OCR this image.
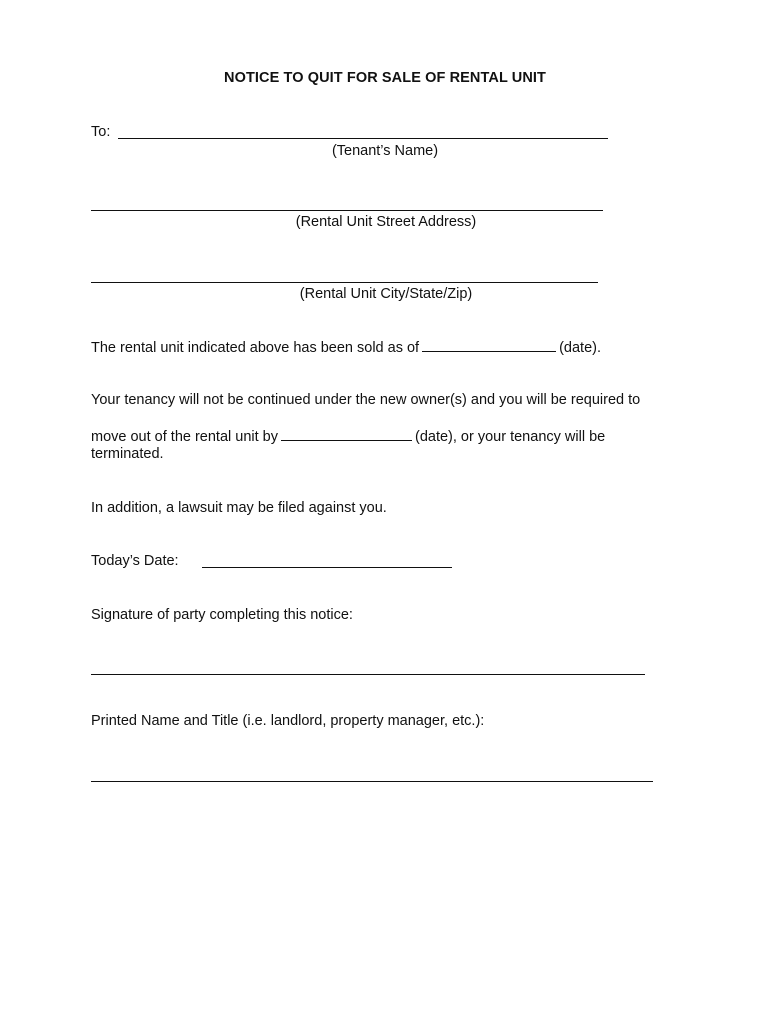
NOTICE TO QUIT FOR SALE OF RENTAL UNIT
To:
(Tenant’s Name)
(Rental Unit Street Address)
(Rental Unit City/State/Zip)
The rental unit indicated above has been sold as of	(date).
Your tenancy will not be continued under the new owner(s) and you will be required to
move out of the rental unit by	(date), or your tenancy will be
terminated.
In addition, a lawsuit may be filed against you.
Today’s Date:
Signature of party completing this notice:
Printed Name and Title (i.e. landlord, property manager, etc.):
